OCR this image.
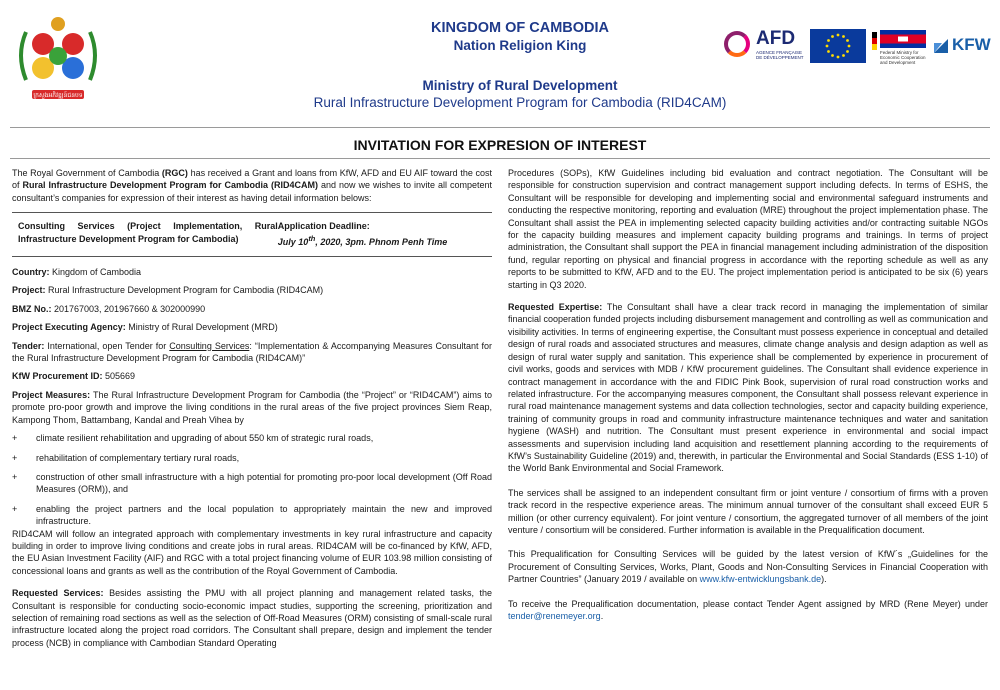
ក្រសួងអភិវឌ្ឍន៍ជនបទ
KINGDOM OF CAMBODIA
Nation Religion King
Ministry of Rural Development
Rural Infrastructure Development Program for Cambodia (RID4CAM)
AFD
AGENCE FRANÇAISE DE DÉVELOPPEMENT
Federal Ministry for Economic Cooperation and Development
KFW
INVITATION FOR EXPRESION OF INTEREST

The Royal Government of Cambodia (RGC) has received a Grant and loans from KfW, AFD and EU AIF toward the cost of Rural Infrastructure Development Program for Cambodia (RID4CAM) and now we wishes to invite all competent consultant’s companies for expression of their interest as having detail information belows:

Consulting Services (Project Implementation, Rural Infrastructure Development Program for Cambodia)
Application Deadline:
July 10th, 2020, 3pm. Phnom Penh Time

Country: Kingdom of Cambodia

Project: Rural Infrastructure Development Program for Cambodia (RID4CAM)

BMZ No.: 201767003, 201967660 & 302000990

Project Executing Agency: Ministry of Rural Development (MRD)

Tender: International, open Tender for Consulting Services: “Implementation & Accompanying Measures Consultant for the Rural Infrastructure Development Program for Cambodia (RID4CAM)”

KfW Procurement ID: 505669

Project Measures: The Rural Infrastructure Development Program for Cambodia (the “Project” or “RID4CAM”) aims to promote pro-poor growth and improve the living conditions in the rural areas of the five project provinces Siem Reap, Kampong Thom, Battambang, Kandal and Preah Vihea by

+ climate resilient rehabilitation and upgrading of about 550 km of strategic rural roads,
+ rehabilitation of complementary tertiary rural roads,
+ construction of other small infrastructure with a high potential for promoting pro-poor local development (Off Road Measures (ORM)), and
+ enabling the project partners and the local population to appropriately maintain the new and improved infrastructure.

RID4CAM will follow an integrated approach with complementary investments in key rural infrastructure and capacity building in order to improve living conditions and create jobs in rural areas. RID4CAM will be co-financed by KfW, AFD, the EU Asian Investment Facility (AIF) and RGC with a total project financing volume of EUR 103.98 million consisting of concessional loans and grants as well as the contribution of the Royal Government of Cambodia.

Requested Services: Besides assisting the PMU with all project planning and management related tasks, the Consultant is responsible for conducting socio-economic impact studies, supporting the screening, prioritization and selection of remaining road sections as well as the selection of Off-Road Measures (ORM) consisting of small-scale rural infrastructure located along the project road corridors. The Consultant shall prepare, design and implement the tender process (NCB) in compliance with Cambodian Standard Operating

Procedures (SOPs), KfW Guidelines including bid evaluation and contract negotiation. The Consultant will be responsible for construction supervision and contract management support including defects. In terms of ESHS, the Consultant will be responsible for developing and implementing social and environmental safeguard instruments and conducting the respective monitoring, reporting and evaluation (MRE) throughout the project implementation phase. The Consultant shall assist the PEA in implementing selected capacity building activities and/or contracting suitable NGOs for the capacity building measures and implement capacity building programs and trainings. In terms of project administration, the Consultant shall support the PEA in financial management including administration of the disposition fund, regular reporting on physical and financial progress in accordance with the reporting schedule as well as any reports to be submitted to KfW, AFD and to the EU. The project implementation period is anticipated to be six (6) years starting in Q3 2020.

Requested Expertise: The Consultant shall have a clear track record in managing the implementation of similar financial cooperation funded projects including disbursement management and controlling as well as communication and visibility activities. In terms of engineering expertise, the Consultant must possess experience in conceptual and detailed design of rural roads and associated structures and measures, climate change analysis and design adaption as well as design of rural water supply and sanitation. This experience shall be complemented by experience in procurement of civil works, goods and services with MDB / KfW procurement guidelines. The Consultant shall evidence experience in contract management in accordance with the and FIDIC Pink Book, supervision of rural road construction works and related infrastructure. For the accompanying measures component, the Consultant shall possess relevant experience in rural road maintenance management systems and data collection technologies, sector and capacity building experience, training of community groups in road and community infrastructure maintenance techniques and water and sanitation hygiene (WASH) and nutrition. The Consultant must present experience in environmental and social impact assessments and supervision including land acquisition and resettlement planning according to the requirements of KfW’s Sustainability Guideline (2019) and, therewith, in particular the Environmental and Social Standards (ESS 1-10) of the World Bank Environmental and Social Framework.

The services shall be assigned to an independent consultant firm or joint venture / consortium of firms with a proven track record in the respective experience areas. The minimum annual turnover of the consultant shall exceed EUR 5 million (or other currency equivalent). For joint venture / consortium, the aggregated turnover of all members of the joint venture / consortium will be considered. Further information is available in the Prequalification document.

This Prequalification for Consulting Services will be guided by the latest version of KfW´s „Guidelines for the Procurement of Consulting Services, Works, Plant, Goods and Non-Consulting Services in Financial Cooperation with Partner Countries” (January 2019 / available on www.kfw-entwicklungsbank.de).

To receive the Prequalification documentation, please contact Tender Agent assigned by MRD (Rene Meyer) under tender@renemeyer.org.
